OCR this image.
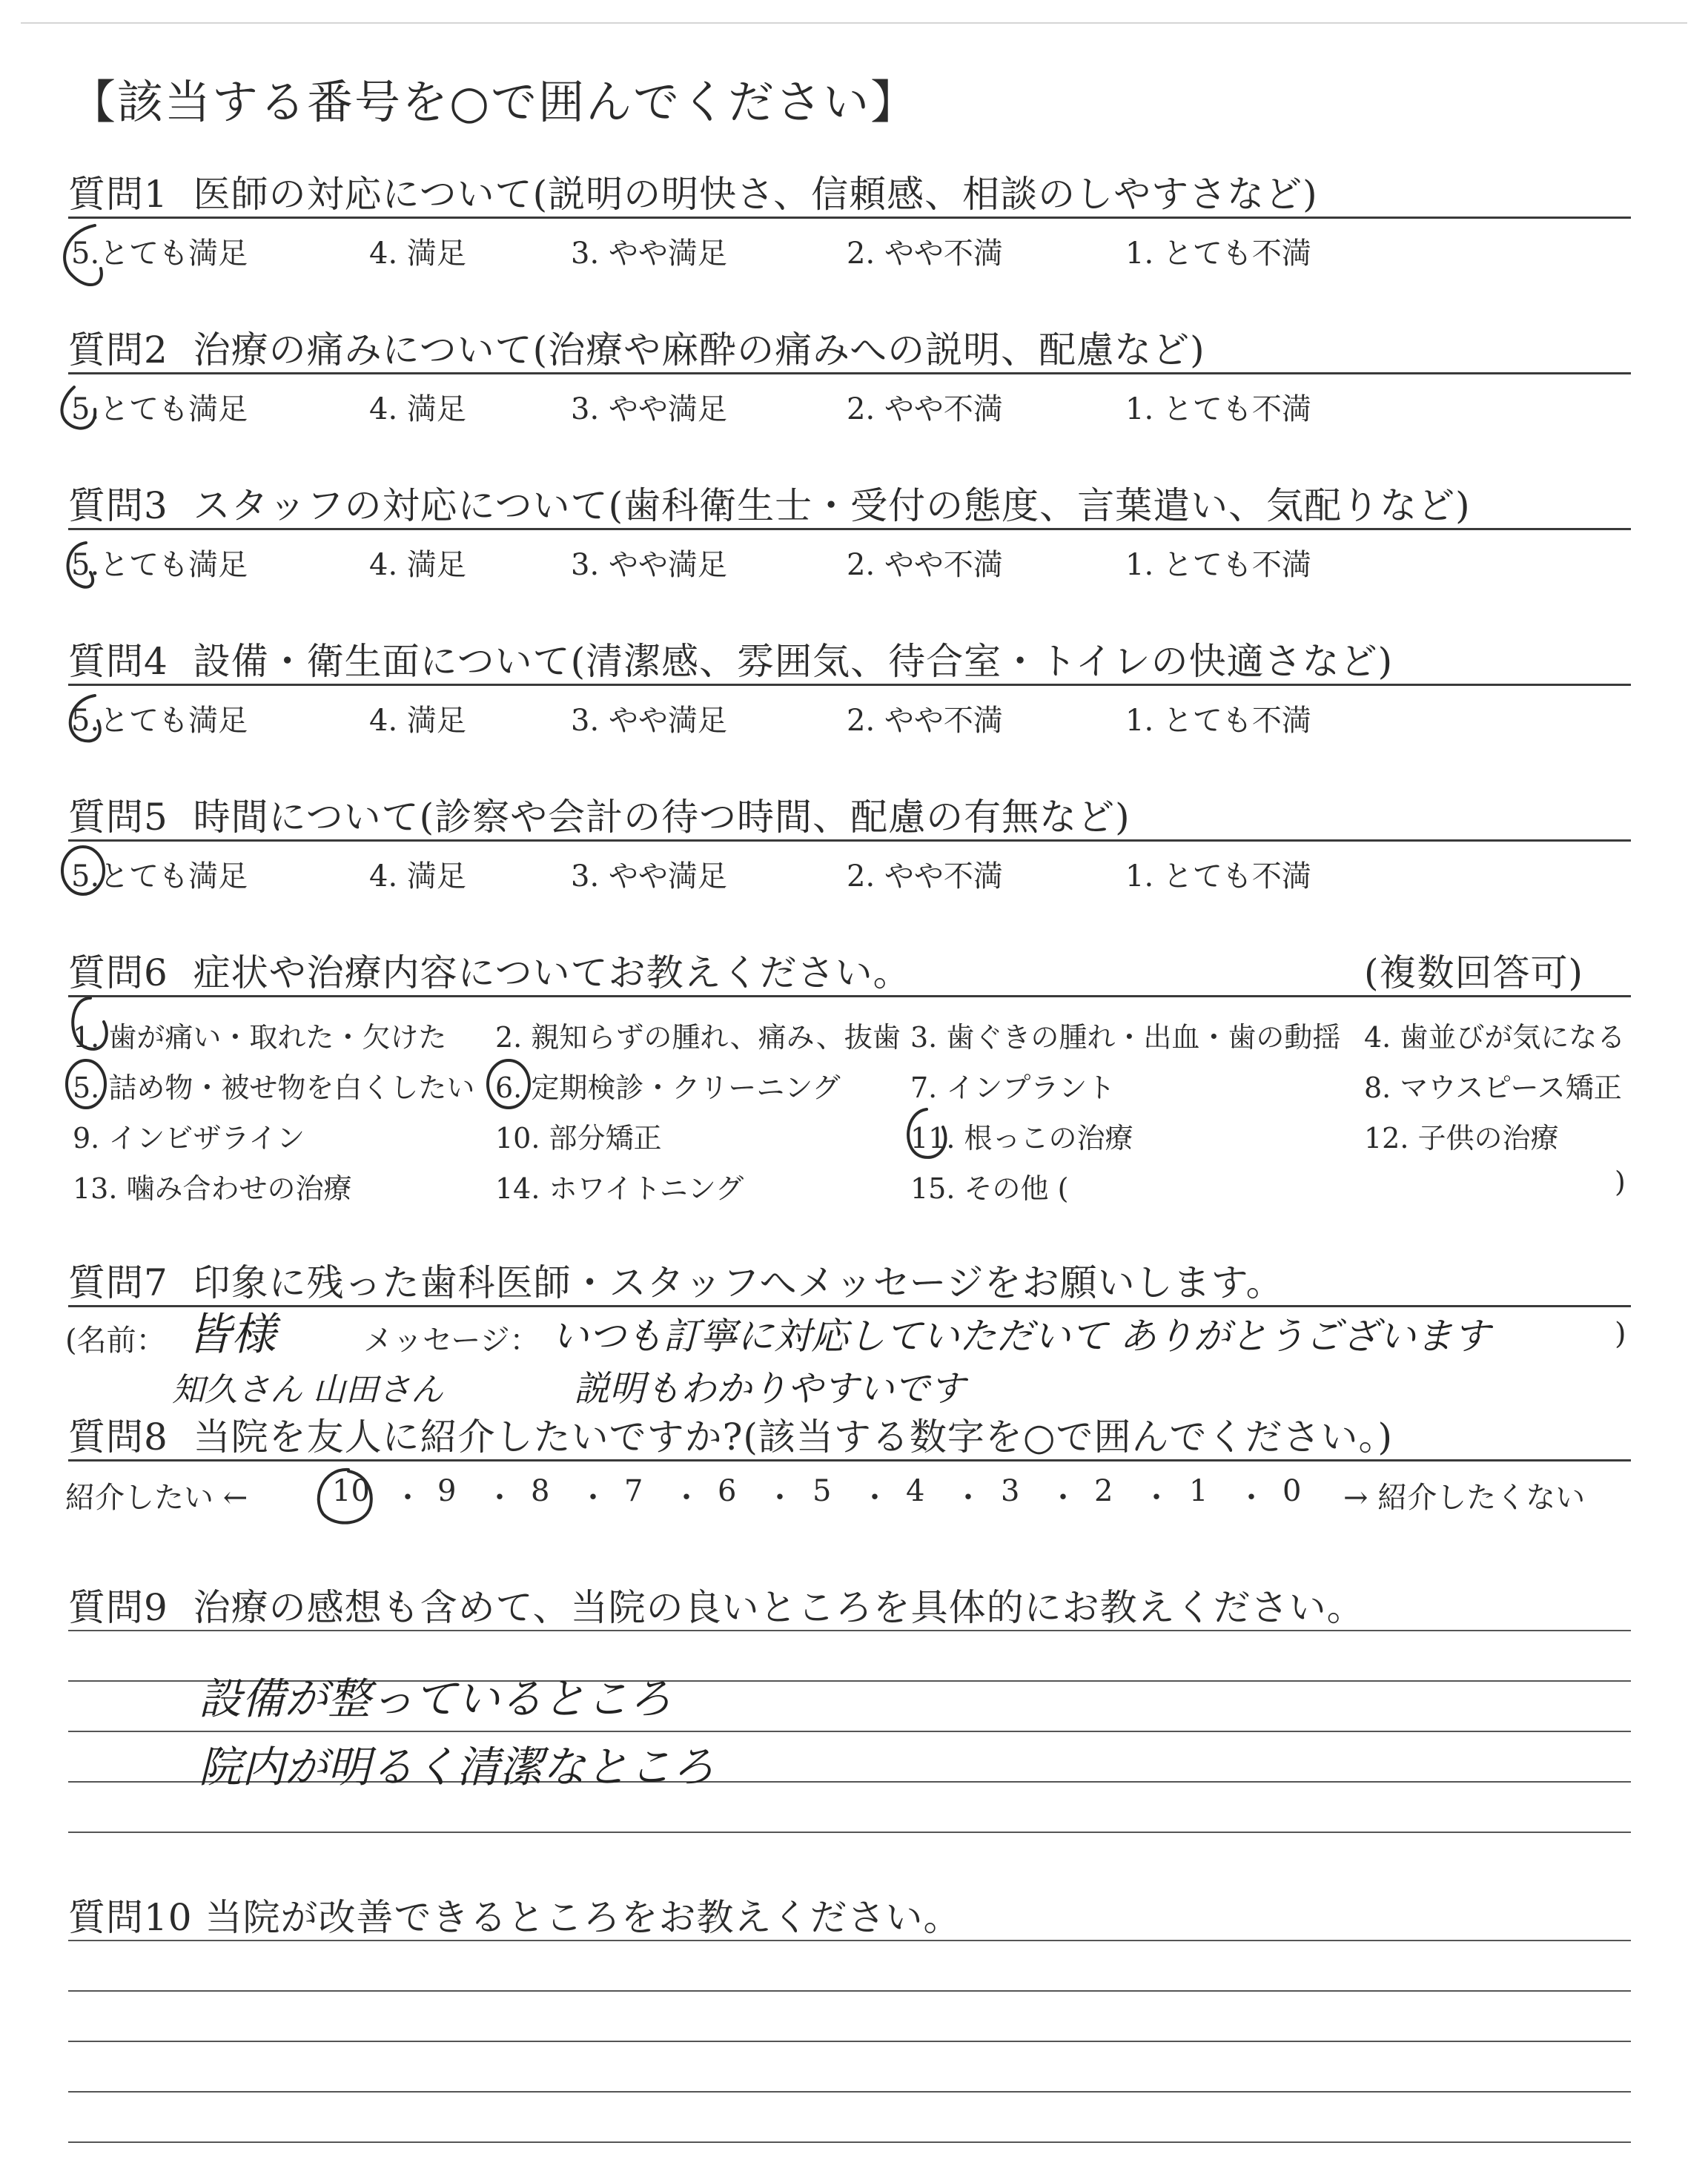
【該当する番号を○で囲んでください】
質問1 医師の対応について(説明の明快さ、信頼感、相談のしやすさなど)
5.とても満足	4. 満足	3. やや満足	2. やや不満	1. とても不満
質問2 治療の痛みについて(治療や麻酔の痛みへの説明、配慮など)
5.とても満足	4. 満足	3. やや満足	2. やや不満	1. とても不満
質問3 スタッフの対応について(歯科衛生士・受付の態度、言葉遣い、気配りなど)
5.とても満足	4. 満足	3. やや満足	2. やや不満	1. とても不満
質問4 設備・衛生面について(清潔感、雰囲気、待合室・トイレの快適さなど)
5.とても満足	4. 満足	3. やや満足	2. やや不満	1. とても不満
質問5 時間について(診察や会計の待つ時間、配慮の有無など)
5.とても満足	4. 満足	3. やや満足	2. やや不満	1. とても不満
質問6 症状や治療内容についてお教えください。	(複数回答可)
1. 歯が痛い・取れた・欠けた 2. 親知らずの腫れ、痛み、抜歯 3. 歯ぐきの腫れ・出血・歯の動揺 4. 歯並びが気になる
5. 詰め物・被せ物を白くしたい 6. 定期検診・クリーニング 7. インプラント	8. マウスピース矯正
9. インビザライン	10. 部分矯正	11. 根っこの治療	12. 子供の治療
13. 噛み合わせの治療	14. ホワイトニング	15. その他 (	)
質問7 印象に残った歯科医師・スタッフへメッセージをお願いします。
(名前：	メッセージ：	)
皆様
知久さん 山田さん
いつも訂寧に対応していただいて ありがとうございます
説明もわかりやすいです
質問8 当院を友人に紹介したいですか?(該当する数字を○で囲んでください。)
紹介したい ←	→ 紹介したくない
10 ・ 9 ・ 8 ・ 7 ・ 6 ・ 5 ・ 4 ・ 3 ・ 2 ・ 1 ・ 0
質問9 治療の感想も含めて、当院の良いところを具体的にお教えください。
設備が整っているところ
院内が明るく清潔なところ
質問10 当院が改善できるところをお教えください。
